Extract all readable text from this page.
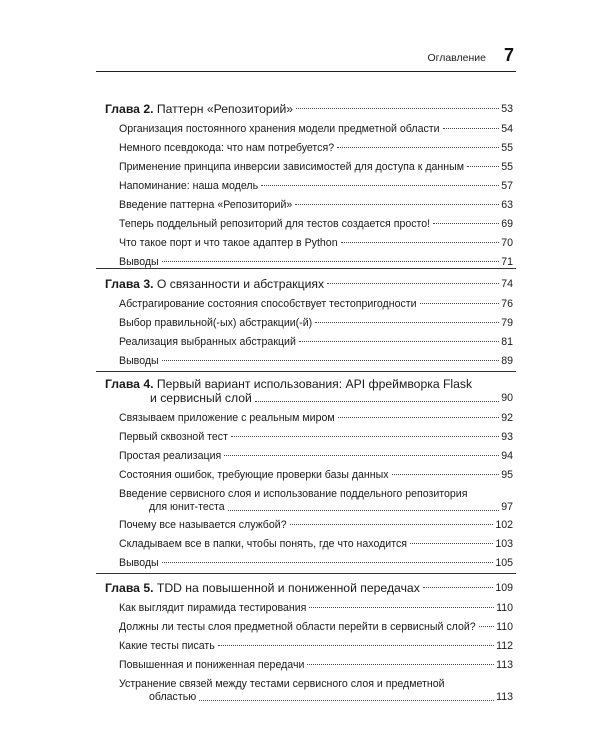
Оглавление 7
Глава 2. Паттерн «Репозиторий»	53
Организация постоянного хранения модели предметной области	54
Немного псевдокода: что нам потребуется?	55
Применение принципа инверсии зависимостей для доступа к данным	55
Напоминание: наша модель	57
Введение паттерна «Репозиторий»	63
Теперь поддельный репозиторий для тестов создается просто!	69
Что такое порт и что такое адаптер в Python	70
Выводы	71
Глава 3. О связанности и абстракциях	74
Абстрагирование состояния способствует тестопригодности	76
Выбор правильной(-ых) абстракции(-й)	79
Реализация выбранных абстракций	81
Выводы	89
Глава 4. Первый вариант использования: API фреймворка Flask
и сервисный слой	90
Связываем приложение с реальным миром	92
Первый сквозной тест	93
Простая реализация	94
Состояния ошибок, требующие проверки базы данных	95
Введение сервисного слоя и использование поддельного репозитория
для юнит-теста	97
Почему все называется службой?	102
Складываем все в папки, чтобы понять, где что находится	103
Выводы	105
Глава 5. TDD на повышенной и пониженной передачах	109
Как выглядит пирамида тестирования	110
Должны ли тесты слоя предметной области перейти в сервисный слой? 110
Какие тесты писать	112
Повышенная и пониженная передачи	113
Устранение связей между тестами сервисного слоя и предметной
областью	113
